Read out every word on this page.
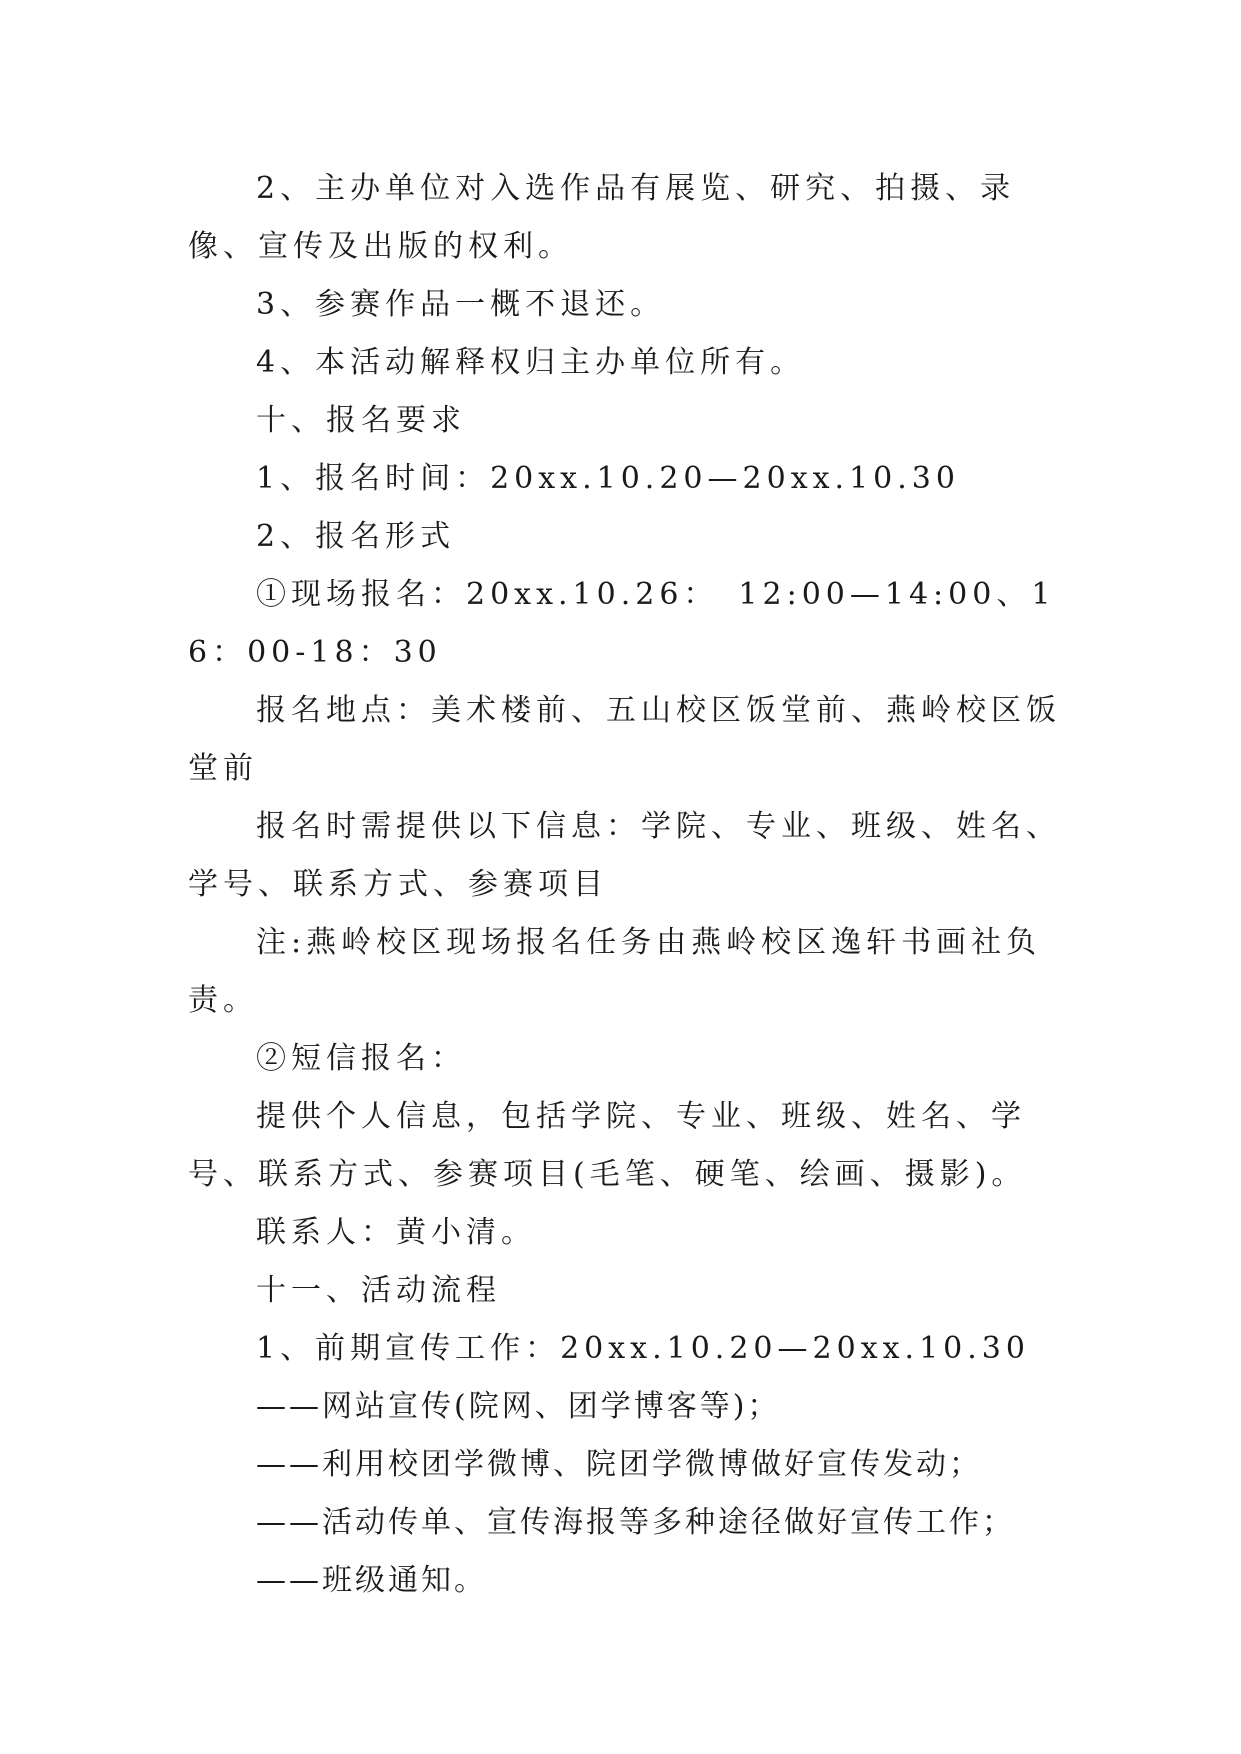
2、主办单位对入选作品有展览、研究、拍摄、录像、宣传及出版的权利。

3、参赛作品一概不退还。

4、本活动解释权归主办单位所有。

十、报名要求

1、报名时间：20xx.10.20—20xx.10.30

2、报名形式

①现场报名：20xx.10.26：　12:00—14:00、16：00-18：30

报名地点：美术楼前、五山校区饭堂前、燕岭校区饭堂前

报名时需提供以下信息：学院、专业、班级、姓名、学号、联系方式、参赛项目

注:燕岭校区现场报名任务由燕岭校区逸轩书画社负责。

②短信报名：

提供个人信息，包括学院、专业、班级、姓名、学号、联系方式、参赛项目(毛笔、硬笔、绘画、摄影)。

联系人：黄小清。

十一、活动流程

1、前期宣传工作：20xx.10.20—20xx.10.30

——网站宣传(院网、团学博客等)；

——利用校团学微博、院团学微博做好宣传发动；

——活动传单、宣传海报等多种途径做好宣传工作；

——班级通知。
